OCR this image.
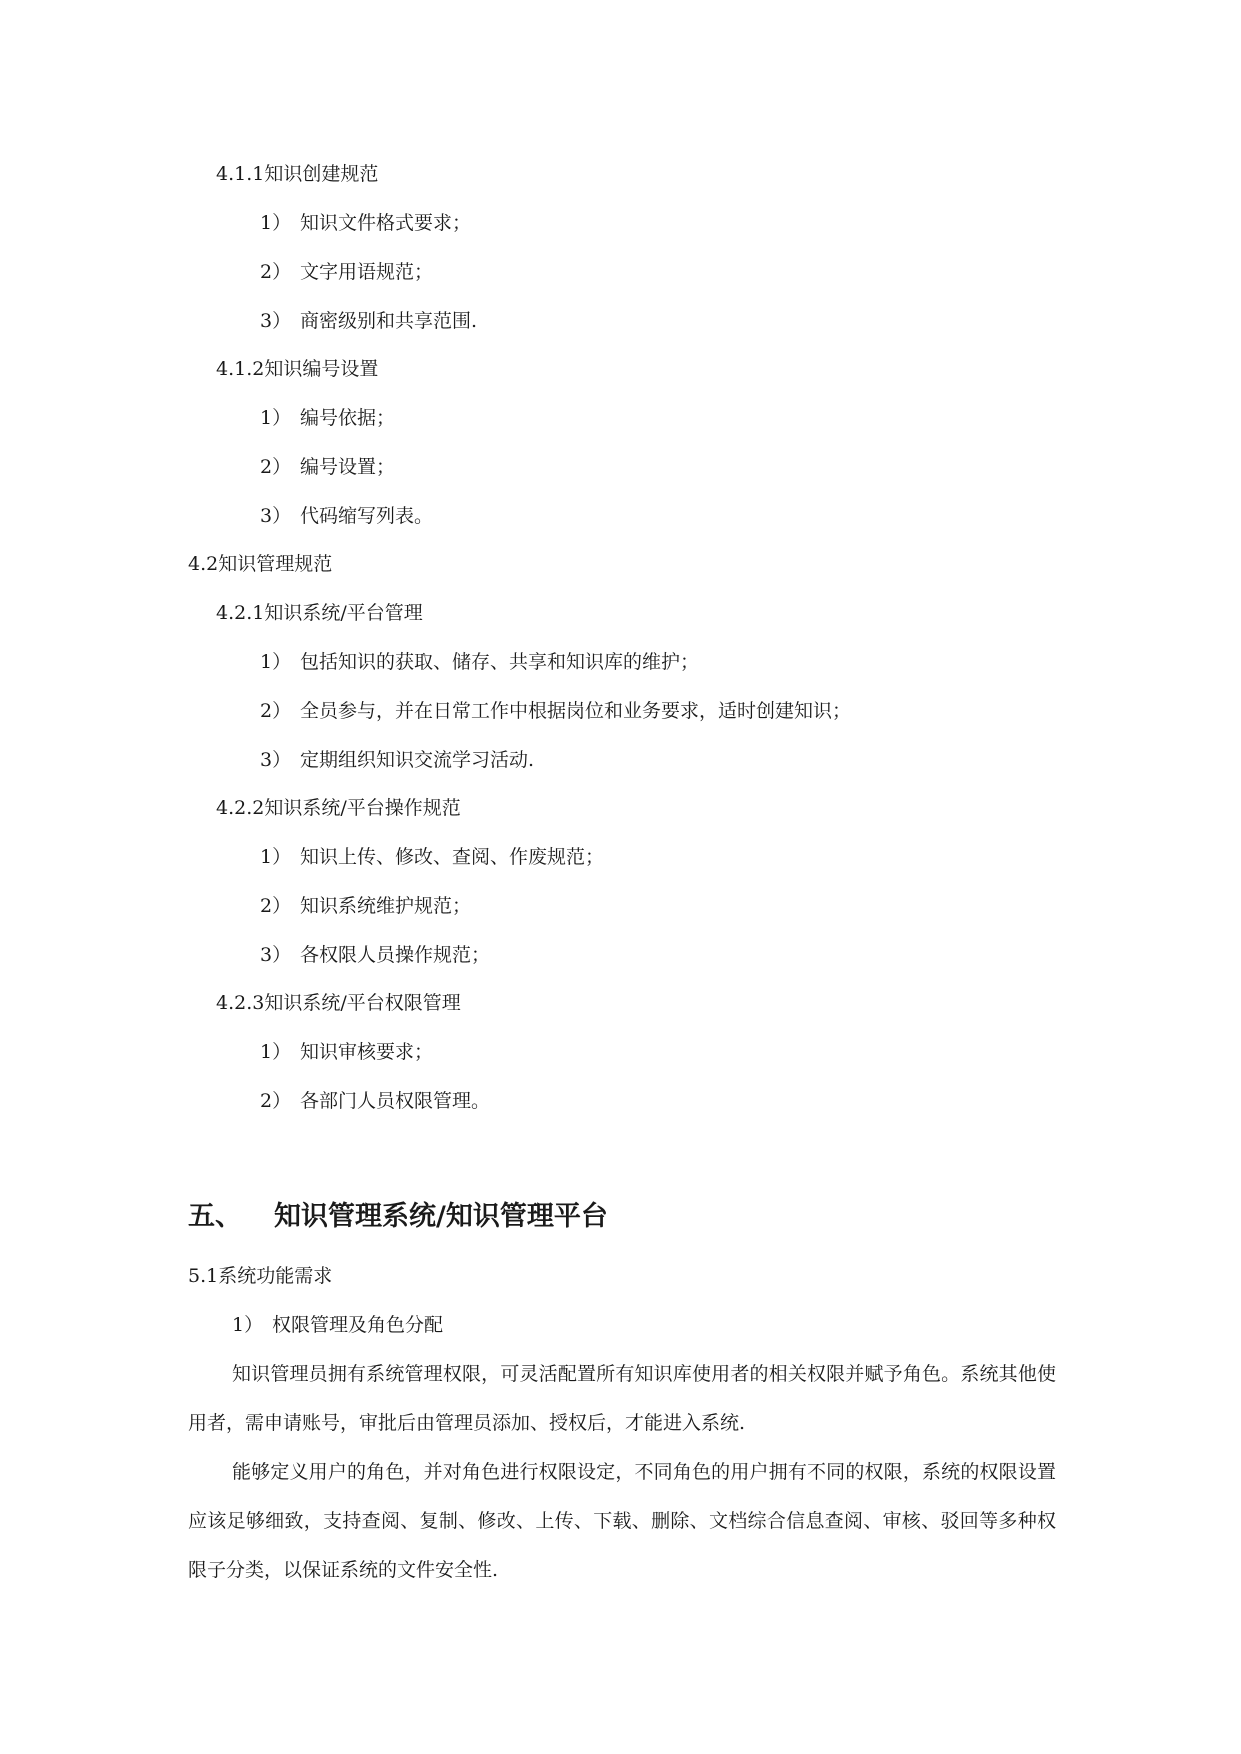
4.1.1知识创建规范
1） 知识文件格式要求；
2） 文字用语规范；
3） 商密级别和共享范围.
4.1.2知识编号设置
1） 编号依据；
2） 编号设置；
3） 代码缩写列表。
4.2知识管理规范
4.2.1知识系统/平台管理
1） 包括知识的获取、储存、共享和知识库的维护；
2） 全员参与，并在日常工作中根据岗位和业务要求，适时创建知识；
3） 定期组织知识交流学习活动.
4.2.2知识系统/平台操作规范
1） 知识上传、修改、查阅、作废规范；
2） 知识系统维护规范；
3） 各权限人员操作规范；
4.2.3知识系统/平台权限管理
1） 知识审核要求；
2） 各部门人员权限管理。
五、 知识管理系统/知识管理平台
5.1系统功能需求
1） 权限管理及角色分配
知识管理员拥有系统管理权限，可灵活配置所有知识库使用者的相关权限并赋予角色。系统其他使用者，需申请账号，审批后由管理员添加、授权后，才能进入系统.
能够定义用户的角色，并对角色进行权限设定，不同角色的用户拥有不同的权限，系统的权限设置应该足够细致，支持查阅、复制、修改、上传、下载、删除、文档综合信息查阅、审核、驳回等多种权限子分类，以保证系统的文件安全性.
